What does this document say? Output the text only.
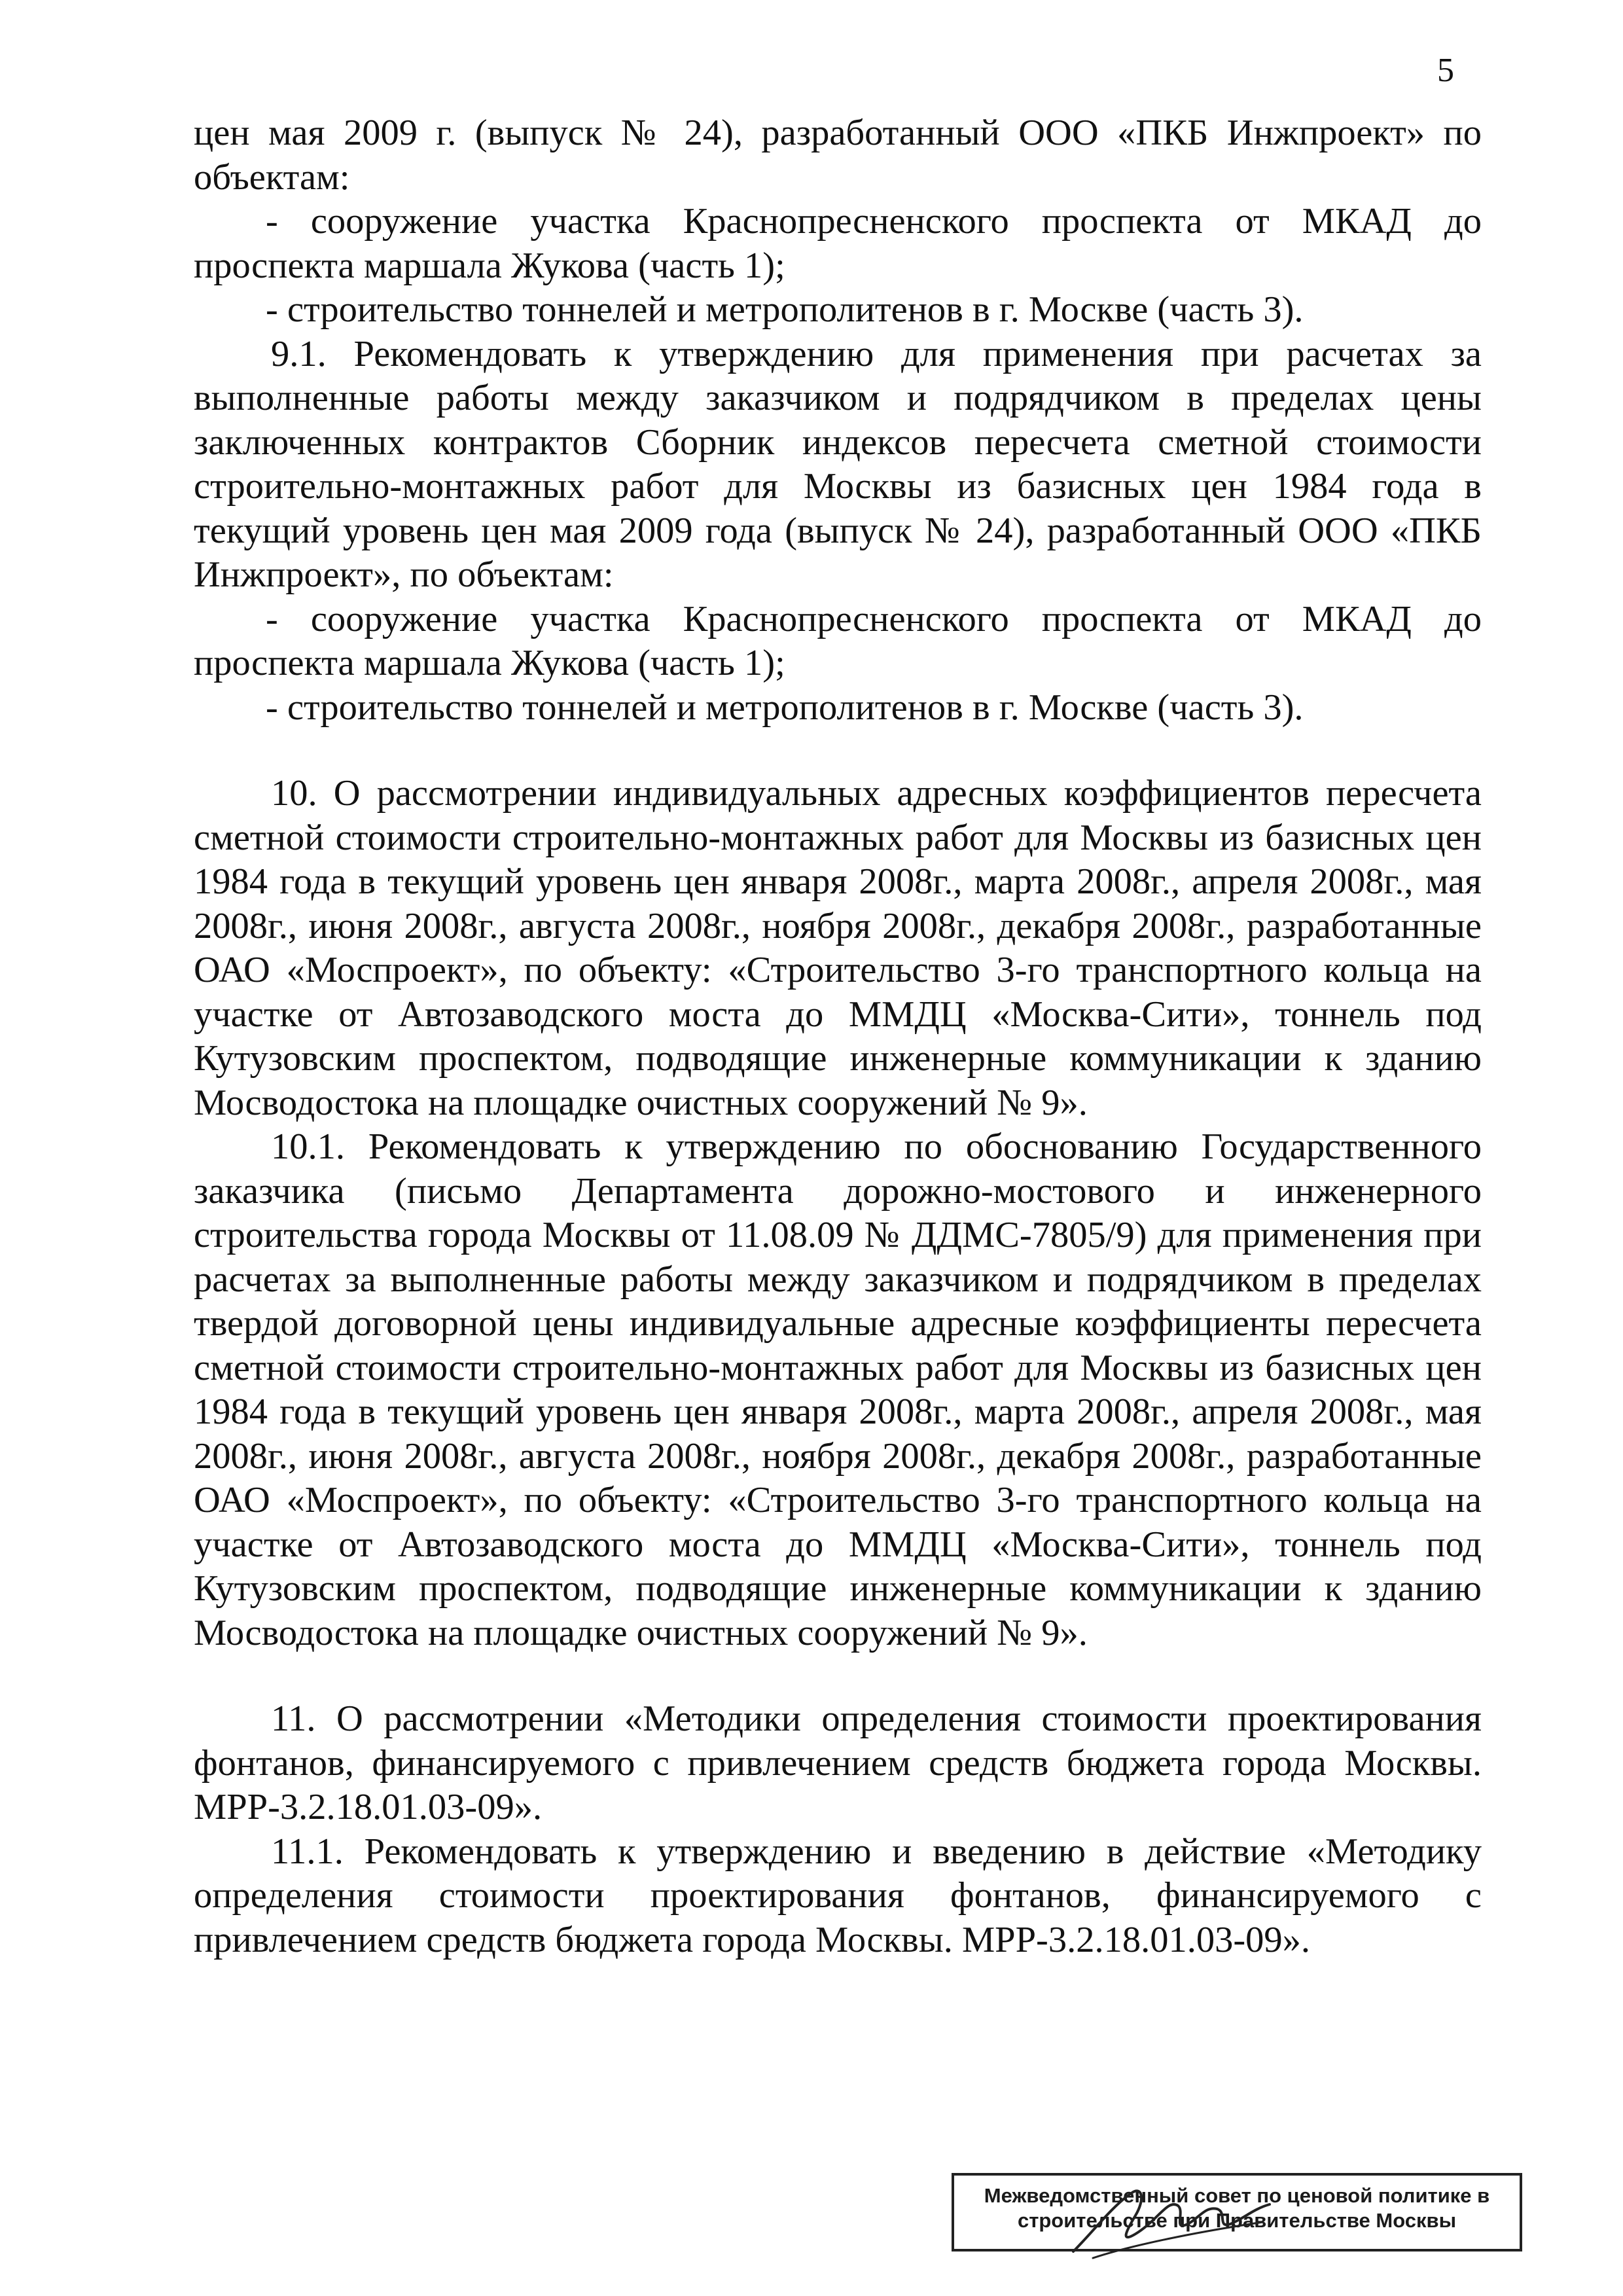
5

цен мая 2009 г. (выпуск № 24), разработанный ООО «ПКБ Инжпроект» по объектам:

- сооружение участка Краснопресненского проспекта от МКАД до проспекта маршала Жукова (часть 1);

- строительство тоннелей и метрополитенов в г. Москве (часть 3).

9.1. Рекомендовать к утверждению для применения при расчетах за выполненные работы между заказчиком и подрядчиком в пределах цены заключенных контрактов Сборник индексов пересчета сметной стоимости строительно-монтажных работ для Москвы из базисных цен 1984 года в текущий уровень цен мая 2009 года (выпуск № 24), разработанный ООО «ПКБ Инжпроект», по объектам:

- сооружение участка Краснопресненского проспекта от МКАД до проспекта маршала Жукова (часть 1);

- строительство тоннелей и метрополитенов в г. Москве (часть 3).

10. О рассмотрении индивидуальных адресных коэффициентов пересчета сметной стоимости строительно-монтажных работ для Москвы из базисных цен 1984 года в текущий уровень цен января 2008г., марта 2008г., апреля 2008г., мая 2008г., июня 2008г., августа 2008г., ноября 2008г., декабря 2008г., разработанные ОАО «Моспроект», по объекту: «Строительство 3-го транспортного кольца на участке от Автозаводского моста до ММДЦ «Москва-Сити», тоннель под Кутузовским проспектом, подводящие инженерные коммуникации к зданию Мосводостока на площадке очистных сооружений № 9».

10.1. Рекомендовать к утверждению по обоснованию Государственного заказчика (письмо Департамента дорожно-мостового и инженерного строительства города Москвы от 11.08.09 № ДДМС-7805/9) для применения при расчетах за выполненные работы между заказчиком и подрядчиком в пределах твердой договорной цены индивидуальные адресные коэффициенты пересчета сметной стоимости строительно-монтажных работ для Москвы из базисных цен 1984 года в текущий уровень цен января 2008г., марта 2008г., апреля 2008г., мая 2008г., июня 2008г., августа 2008г., ноября 2008г., декабря 2008г., разработанные ОАО «Моспроект», по объекту: «Строительство 3-го транспортного кольца на участке от Автозаводского моста до ММДЦ «Москва-Сити», тоннель под Кутузовским проспектом, подводящие инженерные коммуникации к зданию Мосводостока на площадке очистных сооружений № 9».

11. О рассмотрении «Методики определения стоимости проектирования фонтанов, финансируемого с привлечением средств бюджета города Москвы. МРР-3.2.18.01.03-09».

11.1. Рекомендовать к утверждению и введению в действие «Методику определения стоимости проектирования фонтанов, финансируемого с привлечением средств бюджета города Москвы. МРР-3.2.18.01.03-09».

Межведомственный совет по ценовой политике в
строительстве при Правительстве Москвы
